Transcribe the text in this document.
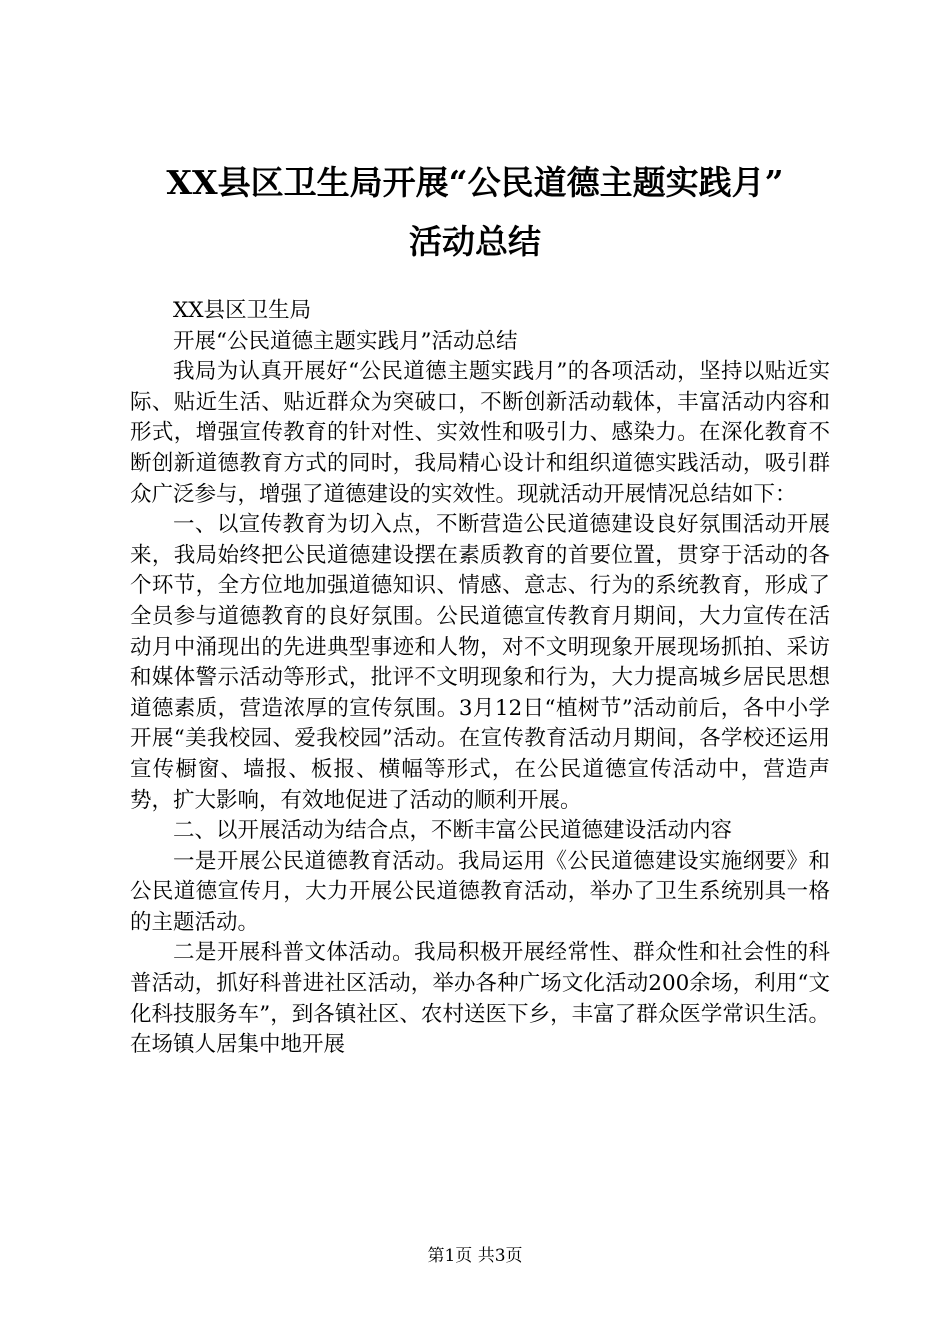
XX县区卫生局开展“公民道德主题实践月”
活动总结

XX县区卫生局

开展“公民道德主题实践月”活动总结

我局为认真开展好“公民道德主题实践月”的各项活动，坚持以贴近实际、贴近生活、贴近群众为突破口，不断创新活动载体，丰富活动内容和形式，增强宣传教育的针对性、实效性和吸引力、感染力。在深化教育不断创新道德教育方式的同时，我局精心设计和组织道德实践活动，吸引群众广泛参与，增强了道德建设的实效性。现就活动开展情况总结如下：

一、以宣传教育为切入点，不断营造公民道德建设良好氛围活动开展来，我局始终把公民道德建设摆在素质教育的首要位置，贯穿于活动的各个环节，全方位地加强道德知识、情感、意志、行为的系统教育，形成了全员参与道德教育的良好氛围。公民道德宣传教育月期间，大力宣传在活动月中涌现出的先进典型事迹和人物，对不文明现象开展现场抓拍、采访和媒体警示活动等形式，批评不文明现象和行为，大力提高城乡居民思想道德素质，营造浓厚的宣传氛围。3月12日“植树节”活动前后，各中小学开展“美我校园、爱我校园”活动。在宣传教育活动月期间，各学校还运用宣传橱窗、墙报、板报、横幅等形式，在公民道德宣传活动中，营造声势，扩大影响，有效地促进了活动的顺利开展。

二、以开展活动为结合点，不断丰富公民道德建设活动内容

一是开展公民道德教育活动。我局运用《公民道德建设实施纲要》和公民道德宣传月，大力开展公民道德教育活动，举办了卫生系统别具一格的主题活动。

二是开展科普文体活动。我局积极开展经常性、群众性和社会性的科普活动，抓好科普进社区活动，举办各种广场文化活动200余场，利用“文化科技服务车”，到各镇社区、农村送医下乡，丰富了群众医学常识生活。在场镇人居集中地开展

第1页 共3页
